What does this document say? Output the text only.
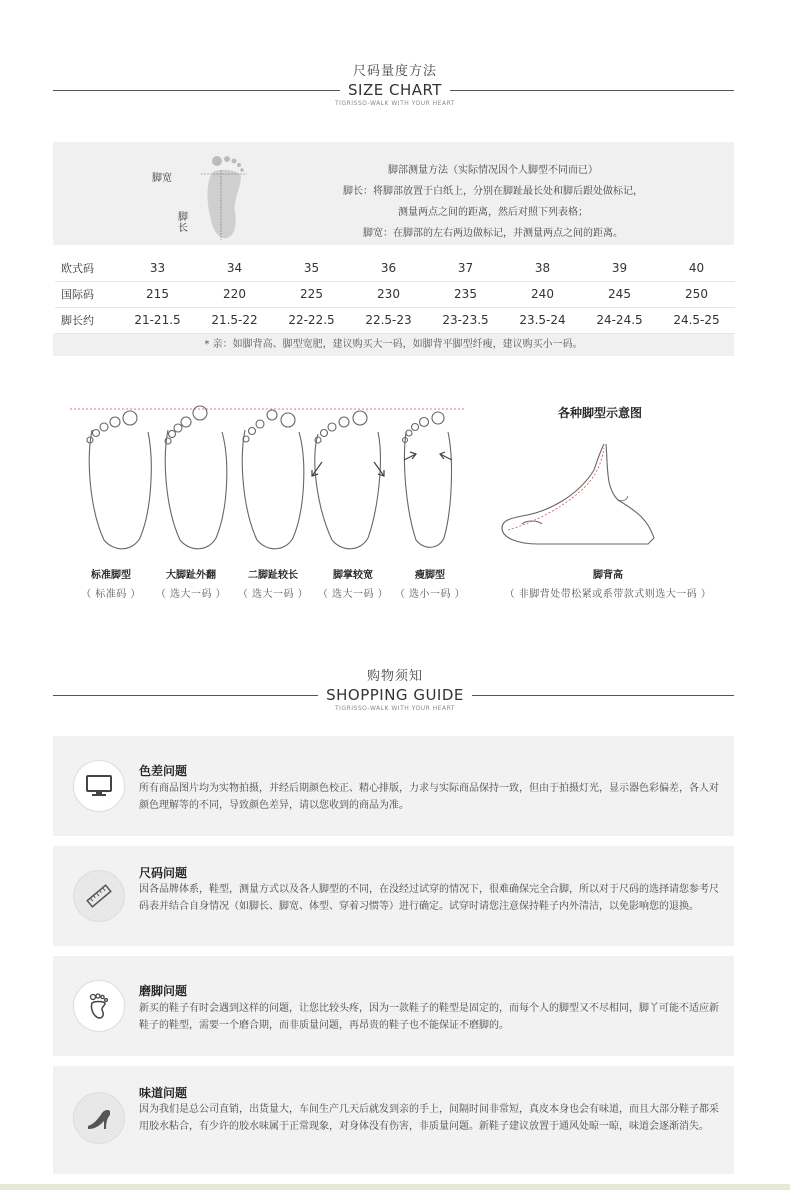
尺码量度方法
SIZE CHART
TIGRISSO-WALK WITH YOUR HEART
脚宽
脚长
脚部测量方法（实际情况因个人脚型不同而已）
脚长：将脚部放置于白纸上，分别在脚趾最长处和脚后跟处做标记，
测量两点之间的距离，然后对照下列表格；
脚宽：在脚部的左右两边做标记，并测量两点之间的距离。
欧式码	33	34	35	36	37	38	39	40
国际码	215	220	225	230	235	240	245	250
脚长约	21-21.5	21.5-22	22-22.5	22.5-23	23-23.5	23.5-24	24-24.5	24.5-25
* 亲：如脚背高、脚型宽肥，建议购买大一码，如脚背平脚型纤瘦，建议购买小一码。
各种脚型示意图
标准脚型
（ 标准码 ）
大脚趾外翻
（ 选大一码 ）
二脚趾较长
（ 选大一码 ）
脚掌较宽
（ 选大一码 ）
瘦脚型
（ 选小一码 ）
脚背高
（ 非脚背处带松紧或系带款式则选大一码 ）
购物须知
SHOPPING GUIDE
TIGRISSO-WALK WITH YOUR HEART
色差问题
所有商品图片均为实物拍摄，并经后期颜色校正、精心排版，力求与实际商品保持一致，但由于拍摄灯光，显示器色彩偏差，各人对颜色理解等的不同，导致颜色差异，请以您收到的商品为准。
尺码问题
因各品牌体系，鞋型，测量方式以及各人脚型的不同，在没经过试穿的情况下，很难确保完全合脚，所以对于尺码的选择请您参考尺码表并结合自身情况（如脚长、脚宽、体型、穿着习惯等）进行确定。试穿时请您注意保持鞋子内外清洁，以免影响您的退换。
磨脚问题
新买的鞋子有时会遇到这样的问题，让您比较头疼，因为一款鞋子的鞋型是固定的，而每个人的脚型又不尽相同，脚丫可能不适应新鞋子的鞋型，需要一个磨合期，而非质量问题，再昂贵的鞋子也不能保证不磨脚的。
味道问题
因为我们是总公司直销，出货量大，车间生产几天后就发到亲的手上，间隔时间非常短，真皮本身也会有味道，而且大部分鞋子都采用胶水粘合，有少许的胶水味属于正常现象，对身体没有伤害，非质量问题。新鞋子建议放置于通风处晾一晾，味道会逐渐消失。
